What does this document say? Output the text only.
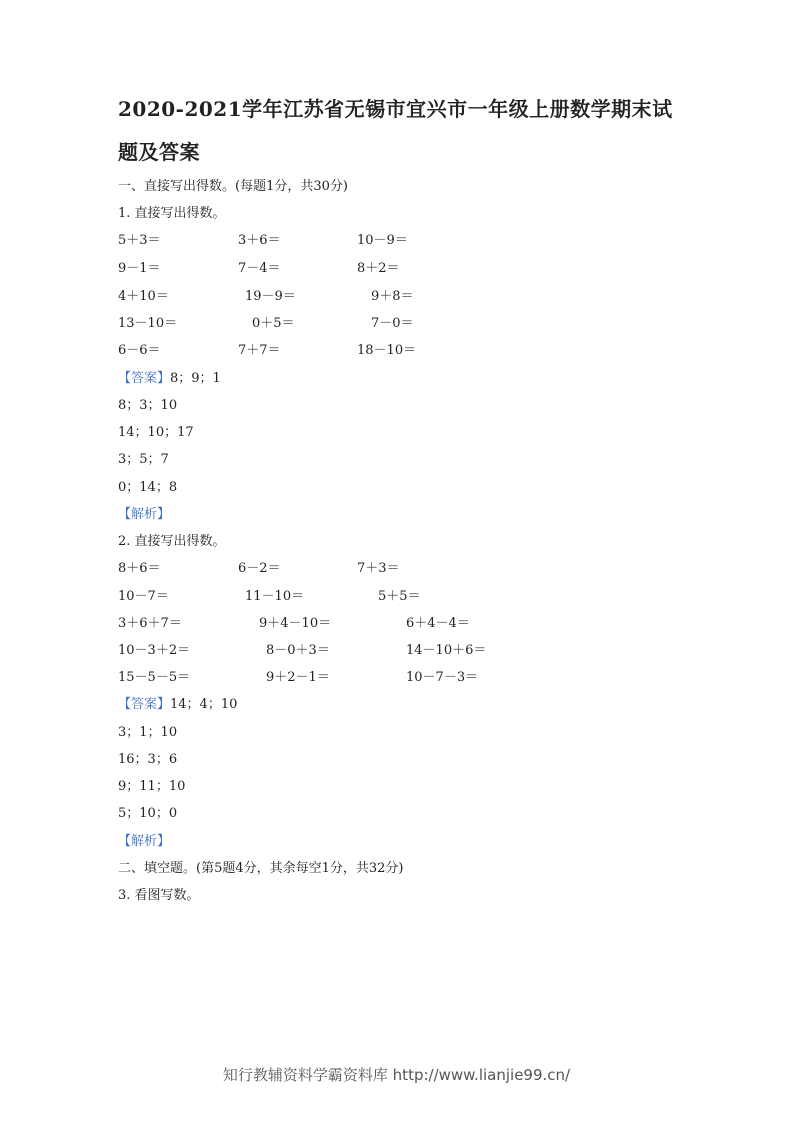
2020-2021学年江苏省无锡市宜兴市一年级上册数学期末试
题及答案
一、直接写出得数。(每题1分，共30分)
1. 直接写出得数。
5＋3＝	3＋6＝	10－9＝
9－1＝	7－4＝	8＋2＝
4＋10＝	19－9＝	9＋8＝
13－10＝	0＋5＝	7－0＝
6－6＝	7＋7＝	18－10＝
【答案】8；9；1
8；3；10
14；10；17
3；5；7
0；14；8
【解析】
2. 直接写出得数。
8＋6＝	6－2＝	7＋3＝
10－7＝	11－10＝	5＋5＝
3＋6＋7＝	9＋4－10＝	6＋4－4＝
10－3＋2＝	8－0＋3＝	14－10＋6＝
15－5－5＝	9＋2－1＝	10－7－3＝
【答案】14；4；10
3；1；10
16；3；6
9；11；10
5；10；0
【解析】
二、填空题。(第5题4分，其余每空1分，共32分)
3. 看图写数。
知行教辅资料学霸资料库 http://www.lianjie99.cn/
